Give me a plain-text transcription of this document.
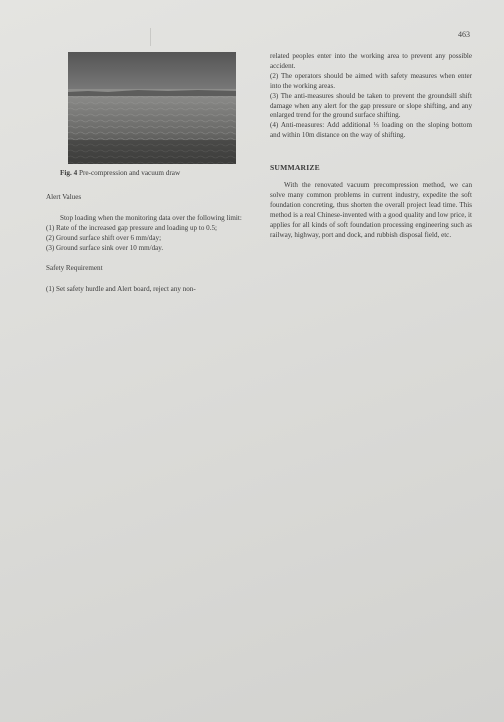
463
Fig. 4 Pre-compression and vacuum draw

Alert Values

Stop loading when the monitoring data over the following limit:

(1) Rate of the increased gap pressure and loading up to 0.5;

(2) Ground surface shift over 6 mm/day;

(3) Ground surface sink over 10 mm/day.

Safety Requirement

(1) Set safety hurdle and Alert board, reject any non-

related peoples enter into the working area to prevent any possible accident.

(2) The operators should be aimed with safety measures when enter into the working areas.

(3) The anti-measures should be taken to prevent the groundsill shift damage when any alert for the gap pressure or slope shifting, and any enlarged trend for the ground surface shifting.

(4) Anti-measures: Add additional ⅓ loading on the sloping bottom and within 10m distance on the way of shifting.

SUMMARIZE

With the renovated vacuum precompression method, we can solve many common problems in current industry, expedite the soft foundation concreting, thus shorten the overall project lead time. This method is a real Chinese-invented with a good quality and low price, it applies for all kinds of soft foundation processing engineering such as railway, highway, port and dock, and rubbish disposal field, etc.
